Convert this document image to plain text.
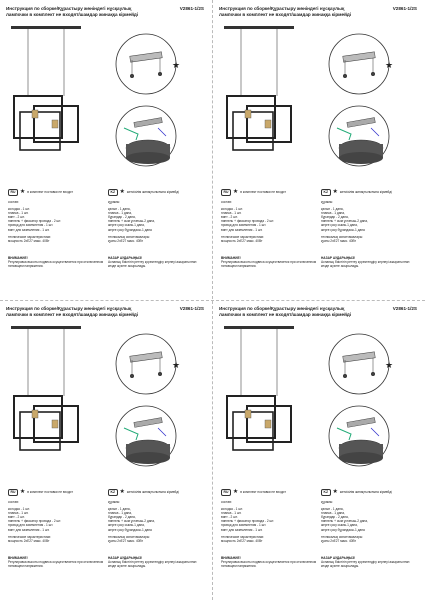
Инструкция по сборке/Құрастыру жөніндегі нұсқаулық	V2861-1/2S
лампочки в комплект не входят/шамдар жинаққа кірмейді
★
RU ★ в комплект поставки не входит	KZ ★ жеткізілім жинақтылығына кірмейді
состав:
колодка - 1 шт.
планка - 1 шт.
винт - 2 шт.
ниппель + фиксатор провода - 2 шт.
провод для заземления - 1 шт.
винт для заземления - 1 шт.
технические характеристики:
мощность 2xE27 макс. 40Вт
құрамы:
қалып - 1 дана,
планка - 1 дана,
бұрандар - 2 дана,
ниппель + сым ұстағыш-2 дана,
жерге қосу сымы-1 дана,
жерге қосу бұрандасы-1 дана
техникалық сипаттамалары:
қуаты 2xE27 макс. 40Вт
ВНИМАНИЕ!
Регулировка высоты подвеса осуществляется при отключенном питающем напряжении.
НАЗАР АУДАРЫҢЫЗ!
Аспаның биіктігін реттеу қоректендіру кернеуі ажыратылған кезде жүзеге асырылады.
Инструкция по сборке/Құрастыру жөніндегі нұсқаулық	V2861-1/2S
лампочки в комплект не входят/шамдар жинаққа кірмейді
★
RU ★ в комплект поставки не входит	KZ ★ жеткізілім жинақтылығына кірмейді
состав:
колодка - 1 шт.
планка - 1 шт.
винт - 2 шт.
ниппель + фиксатор провода - 2 шт.
провод для заземления - 1 шт.
винт для заземления - 1 шт.
технические характеристики:
мощность 2xE27 макс. 40Вт
құрамы:
қалып - 1 дана,
планка - 1 дана,
бұрандар - 2 дана,
ниппель + сым ұстағыш-2 дана,
жерге қосу сымы-1 дана,
жерге қосу бұрандасы-1 дана
техникалық сипаттамалары:
қуаты 2xE27 макс. 40Вт
ВНИМАНИЕ!
Регулировка высоты подвеса осуществляется при отключенном питающем напряжении.
НАЗАР АУДАРЫҢЫЗ!
Аспаның биіктігін реттеу қоректендіру кернеуі ажыратылған кезде жүзеге асырылады.
Инструкция по сборке/Құрастыру жөніндегі нұсқаулық	V2861-1/2S
лампочки в комплект не входят/шамдар жинаққа кірмейді
★
RU ★ в комплект поставки не входит	KZ ★ жеткізілім жинақтылығына кірмейді
состав:
колодка - 1 шт.
планка - 1 шт.
винт - 2 шт.
ниппель + фиксатор провода - 2 шт.
провод для заземления - 1 шт.
винт для заземления - 1 шт.
технические характеристики:
мощность 2xE27 макс. 40Вт
құрамы:
қалып - 1 дана,
планка - 1 дана,
бұрандар - 2 дана,
ниппель + сым ұстағыш-2 дана,
жерге қосу сымы-1 дана,
жерге қосу бұрандасы-1 дана
техникалық сипаттамалары:
қуаты 2xE27 макс. 40Вт
ВНИМАНИЕ!
Регулировка высоты подвеса осуществляется при отключенном питающем напряжении.
НАЗАР АУДАРЫҢЫЗ!
Аспаның биіктігін реттеу қоректендіру кернеуі ажыратылған кезде жүзеге асырылады.
Инструкция по сборке/Құрастыру жөніндегі нұсқаулық	V2861-1/2S
лампочки в комплект не входят/шамдар жинаққа кірмейді
★
RU ★ в комплект поставки не входит	KZ ★ жеткізілім жинақтылығына кірмейді
состав:
колодка - 1 шт.
планка - 1 шт.
винт - 2 шт.
ниппель + фиксатор провода - 2 шт.
провод для заземления - 1 шт.
винт для заземления - 1 шт.
технические характеристики:
мощность 2xE27 макс. 40Вт
құрамы:
қалып - 1 дана,
планка - 1 дана,
бұрандар - 2 дана,
ниппель + сым ұстағыш-2 дана,
жерге қосу сымы-1 дана,
жерге қосу бұрандасы-1 дана
техникалық сипаттамалары:
қуаты 2xE27 макс. 40Вт
ВНИМАНИЕ!
Регулировка высоты подвеса осуществляется при отключенном питающем напряжении.
НАЗАР АУДАРЫҢЫЗ!
Аспаның биіктігін реттеу қоректендіру кернеуі ажыратылған кезде жүзеге асырылады.
